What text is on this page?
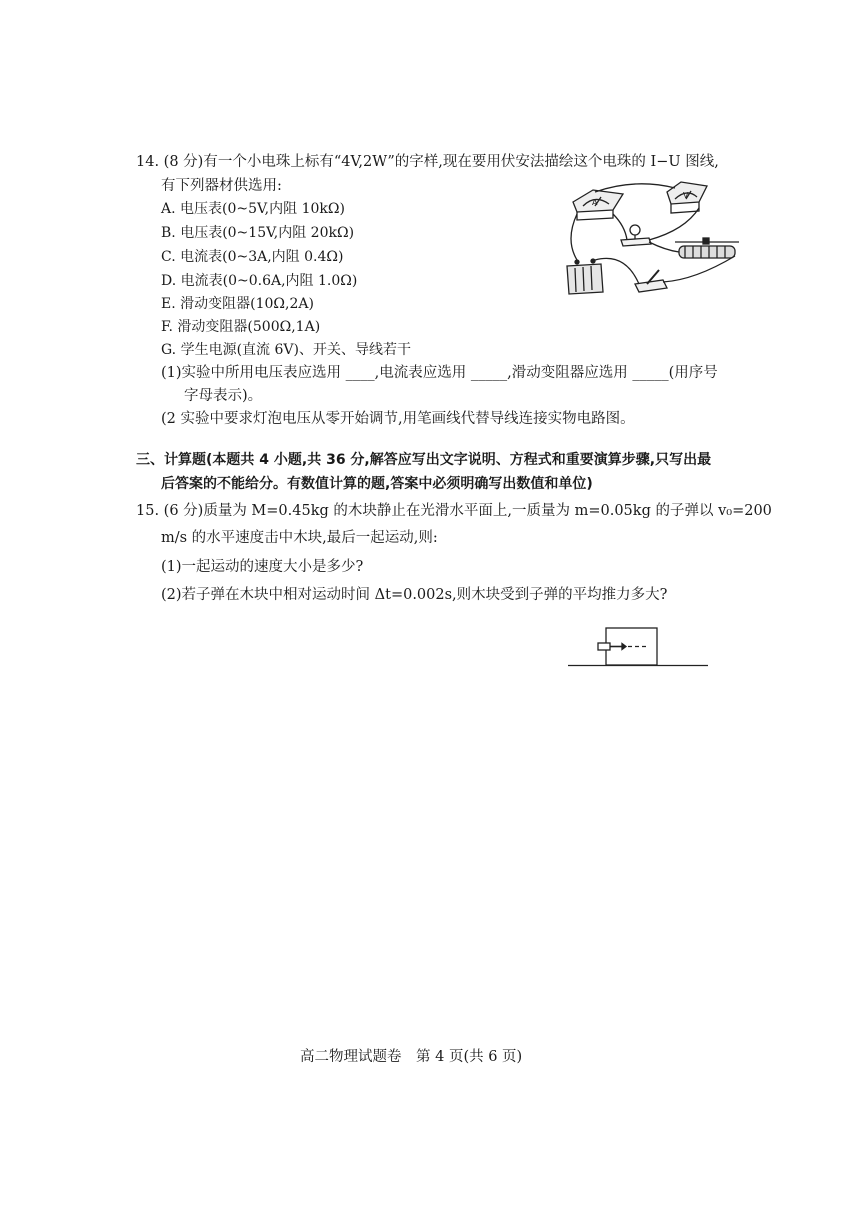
14. (8 分)有一个小电珠上标有“4V,2W”的字样,现在要用伏安法描绘这个电珠的 I−U 图线,
有下列器材供选用:
A. 电压表(0~5V,内阻 10kΩ)
B. 电压表(0~15V,内阻 20kΩ)
C. 电流表(0~3A,内阻 0.4Ω)
D. 电流表(0~0.6A,内阻 1.0Ω)
E. 滑动变阻器(10Ω,2A)
F. 滑动变阻器(500Ω,1A)
G. 学生电源(直流 6V)、开关、导线若干
(1)实验中所用电压表应选用 ____,电流表应选用 _____,滑动变阻器应选用 _____(用序号
字母表示)。
(2 实验中要求灯泡电压从零开始调节,用笔画线代替导线连接实物电路图。
A
V
三、计算题(本题共 4 小题,共 36 分,解答应写出文字说明、方程式和重要演算步骤,只写出最
后答案的不能给分。有数值计算的题,答案中必须明确写出数值和单位)
15. (6 分)质量为 M=0.45kg 的木块静止在光滑水平面上,一质量为 m=0.05kg 的子弹以 v₀=200
m/s 的水平速度击中木块,最后一起运动,则:
(1)一起运动的速度大小是多少?
(2)若子弹在木块中相对运动时间 Δt=0.002s,则木块受到子弹的平均推力多大?
高二物理试题卷　第 4 页(共 6 页)
